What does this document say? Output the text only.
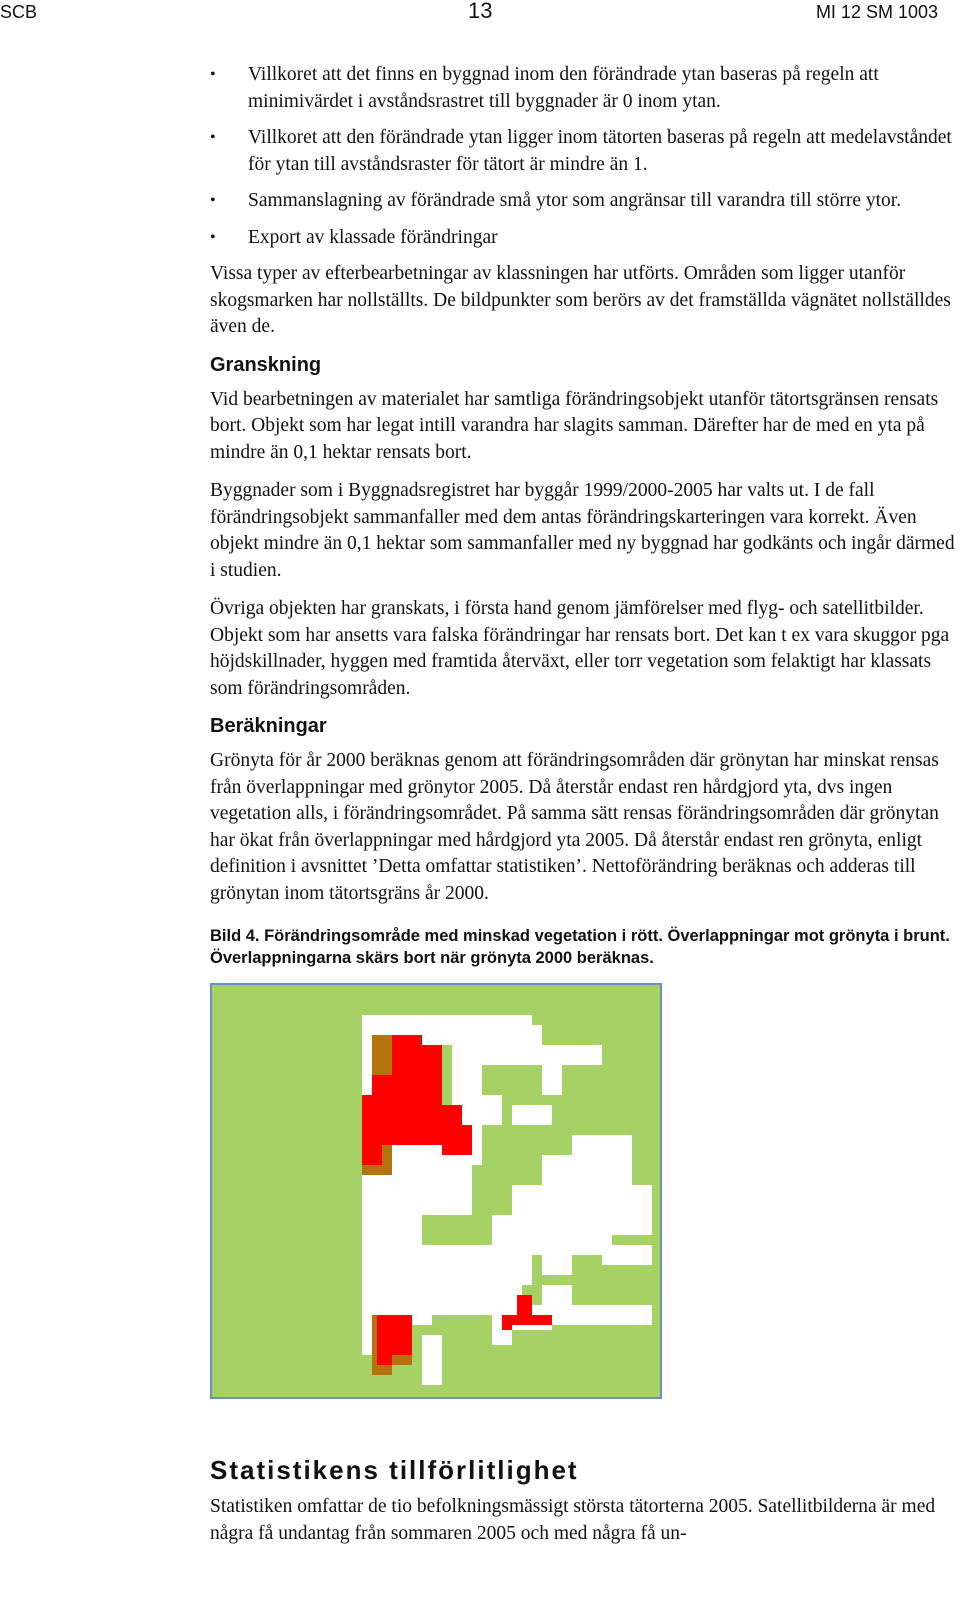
SCB	13	MI 12 SM 1003
• Villkoret att det finns en byggnad inom den förändrade ytan baseras på regeln att minimivärdet i avståndsrastret till byggnader är 0 inom ytan.
• Villkoret att den förändrade ytan ligger inom tätorten baseras på regeln att medelavståndet för ytan till avståndsraster för tätort är mindre än 1.
• Sammanslagning av förändrade små ytor som angränsar till varandra till större ytor.
• Export av klassade förändringar

Vissa typer av efterbearbetningar av klassningen har utförts. Områden som ligger utanför skogsmarken har nollställts. De bildpunkter som berörs av det framställda vägnätet nollställdes även de.

Granskning

Vid bearbetningen av materialet har samtliga förändringsobjekt utanför tätortsgränsen rensats bort. Objekt som har legat intill varandra har slagits samman. Därefter har de med en yta på mindre än 0,1 hektar rensats bort.

Byggnader som i Byggnadsregistret har byggår 1999/2000-2005 har valts ut. I de fall förändringsobjekt sammanfaller med dem antas förändringskarteringen vara korrekt. Även objekt mindre än 0,1 hektar som sammanfaller med ny byggnad har godkänts och ingår därmed i studien.

Övriga objekten har granskats, i första hand genom jämförelser med flyg- och satellitbilder. Objekt som har ansetts vara falska förändringar har rensats bort. Det kan t ex vara skuggor pga höjdskillnader, hyggen med framtida återväxt, eller torr vegetation som felaktigt har klassats som förändringsområden.

Beräkningar

Grönyta för år 2000 beräknas genom att förändringsområden där grönytan har minskat rensas från överlappningar med grönytor 2005. Då återstår endast ren hårdgjord yta, dvs ingen vegetation alls, i förändringsområdet. På samma sätt rensas förändringsområden där grönytan har ökat från överlappningar med hårdgjord yta 2005. Då återstår endast ren grönyta, enligt definition i avsnittet ’Detta omfattar statistiken’. Nettoförändring beräknas och adderas till grönytan inom tätortsgräns år 2000.

Bild 4. Förändringsområde med minskad vegetation i rött. Överlappningar mot grönyta i brunt. Överlappningarna skärs bort när grönyta 2000 beräknas.
Statistikens tillförlitlighet

Statistiken omfattar de tio befolkningsmässigt största tätorterna 2005. Satellitbilderna är med några få undantag från sommaren 2005 och med några få un-
